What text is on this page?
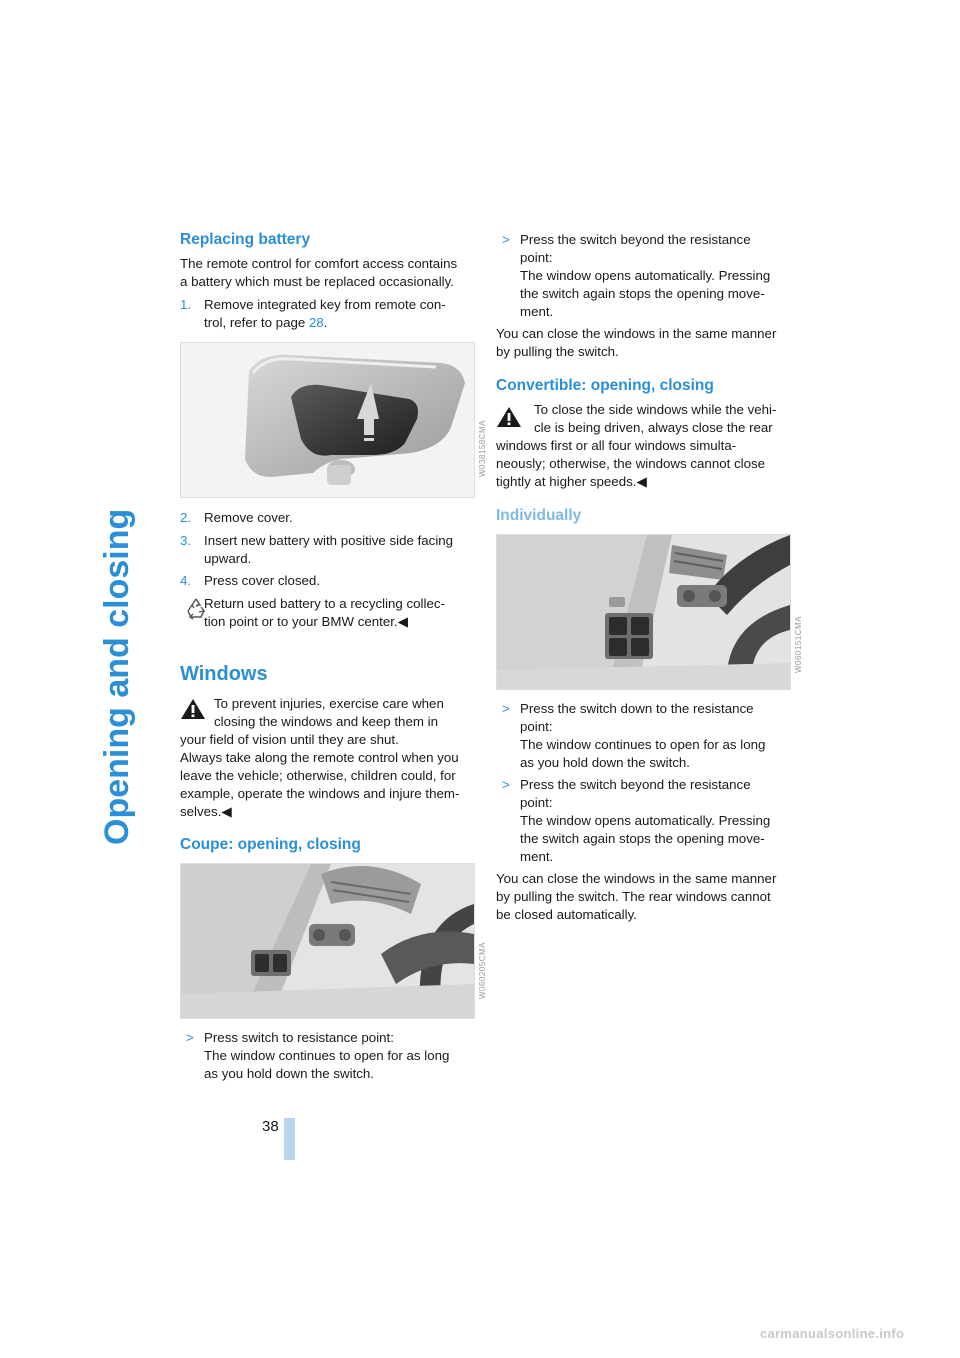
Opening and closing
Replacing battery

The remote control for comfort access contains

a battery which must be replaced occasionally.

1. Remove integrated key from remote con-
trol, refer to page 28.
W038158CMA
2. Remove cover.
3. Insert new battery with positive side facing
upward.
4. Press cover closed.

Return used battery to a recycling collec-

tion point or to your BMW center.◀

Windows

To prevent injuries, exercise care when

closing the windows and keep them in

your field of vision until they are shut.

Always take along the remote control when you

leave the vehicle; otherwise, children could, for

example, operate the windows and injure them-

selves.◀

Coupe: opening, closing
W060205CMA
> Press switch to resistance point:
The window continues to open for as long
as you hold down the switch.
> Press the switch beyond the resistance
point:
The window opens automatically. Pressing
the switch again stops the opening move-
ment.

You can close the windows in the same manner

by pulling the switch.

Convertible: opening, closing

To close the side windows while the vehi-

cle is being driven, always close the rear

windows first or all four windows simulta-

neously; otherwise, the windows cannot close

tightly at higher speeds.◀

Individually
W060151CMA
> Press the switch down to the resistance
point:
The window continues to open for as long
as you hold down the switch.
> Press the switch beyond the resistance
point:
The window opens automatically. Pressing
the switch again stops the opening move-
ment.

You can close the windows in the same manner

by pulling the switch. The rear windows cannot

be closed automatically.

38
carmanualsonline.info
